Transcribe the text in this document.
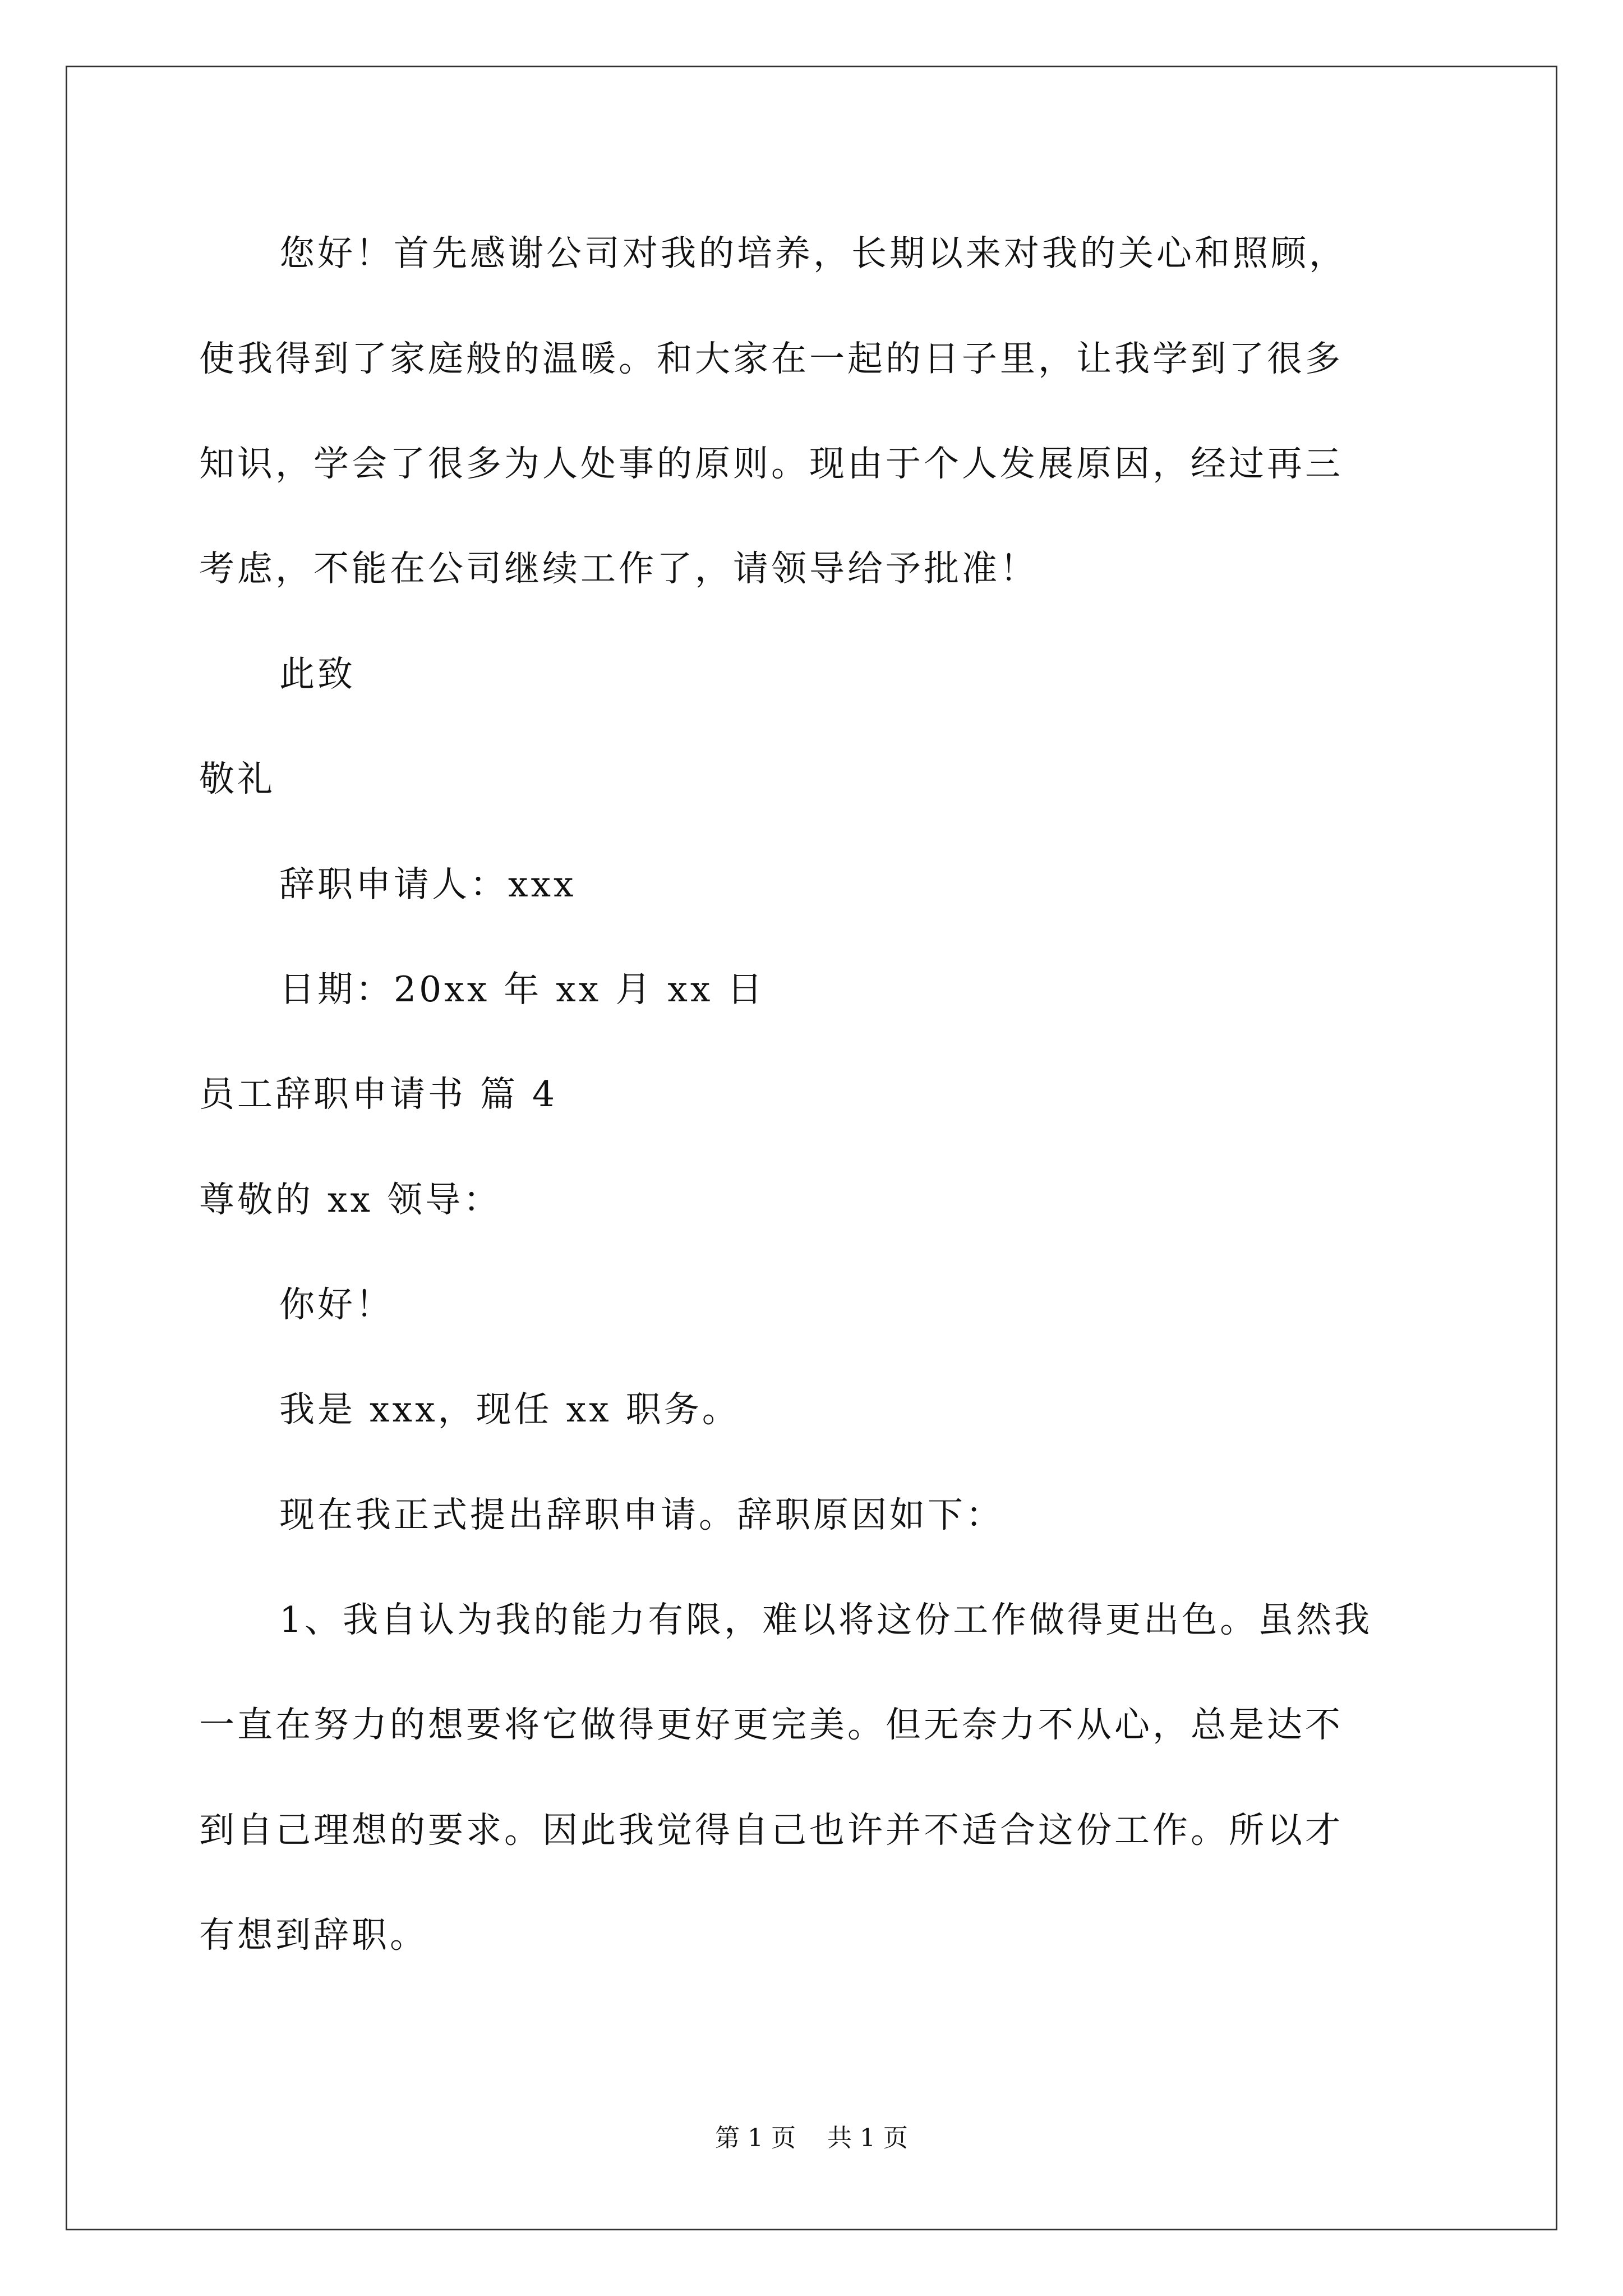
您好！首先感谢公司对我的培养，长期以来对我的关心和照顾，
使我得到了家庭般的温暖。和大家在一起的日子里，让我学到了很多
知识，学会了很多为人处事的原则。现由于个人发展原因，经过再三
考虑，不能在公司继续工作了，请领导给予批准！
此致
敬礼
辞职申请人：xxx
日期：20xx 年 xx 月 xx 日
员工辞职申请书 篇 4
尊敬的 xx 领导：
你好！
我是 xxx，现任 xx 职务。
现在我正式提出辞职申请。辞职原因如下：
1、我自认为我的能力有限，难以将这份工作做得更出色。虽然我
一直在努力的想要将它做得更好更完美。但无奈力不从心，总是达不
到自己理想的要求。因此我觉得自己也许并不适合这份工作。所以才
有想到辞职。
第 1 页    共 1 页
